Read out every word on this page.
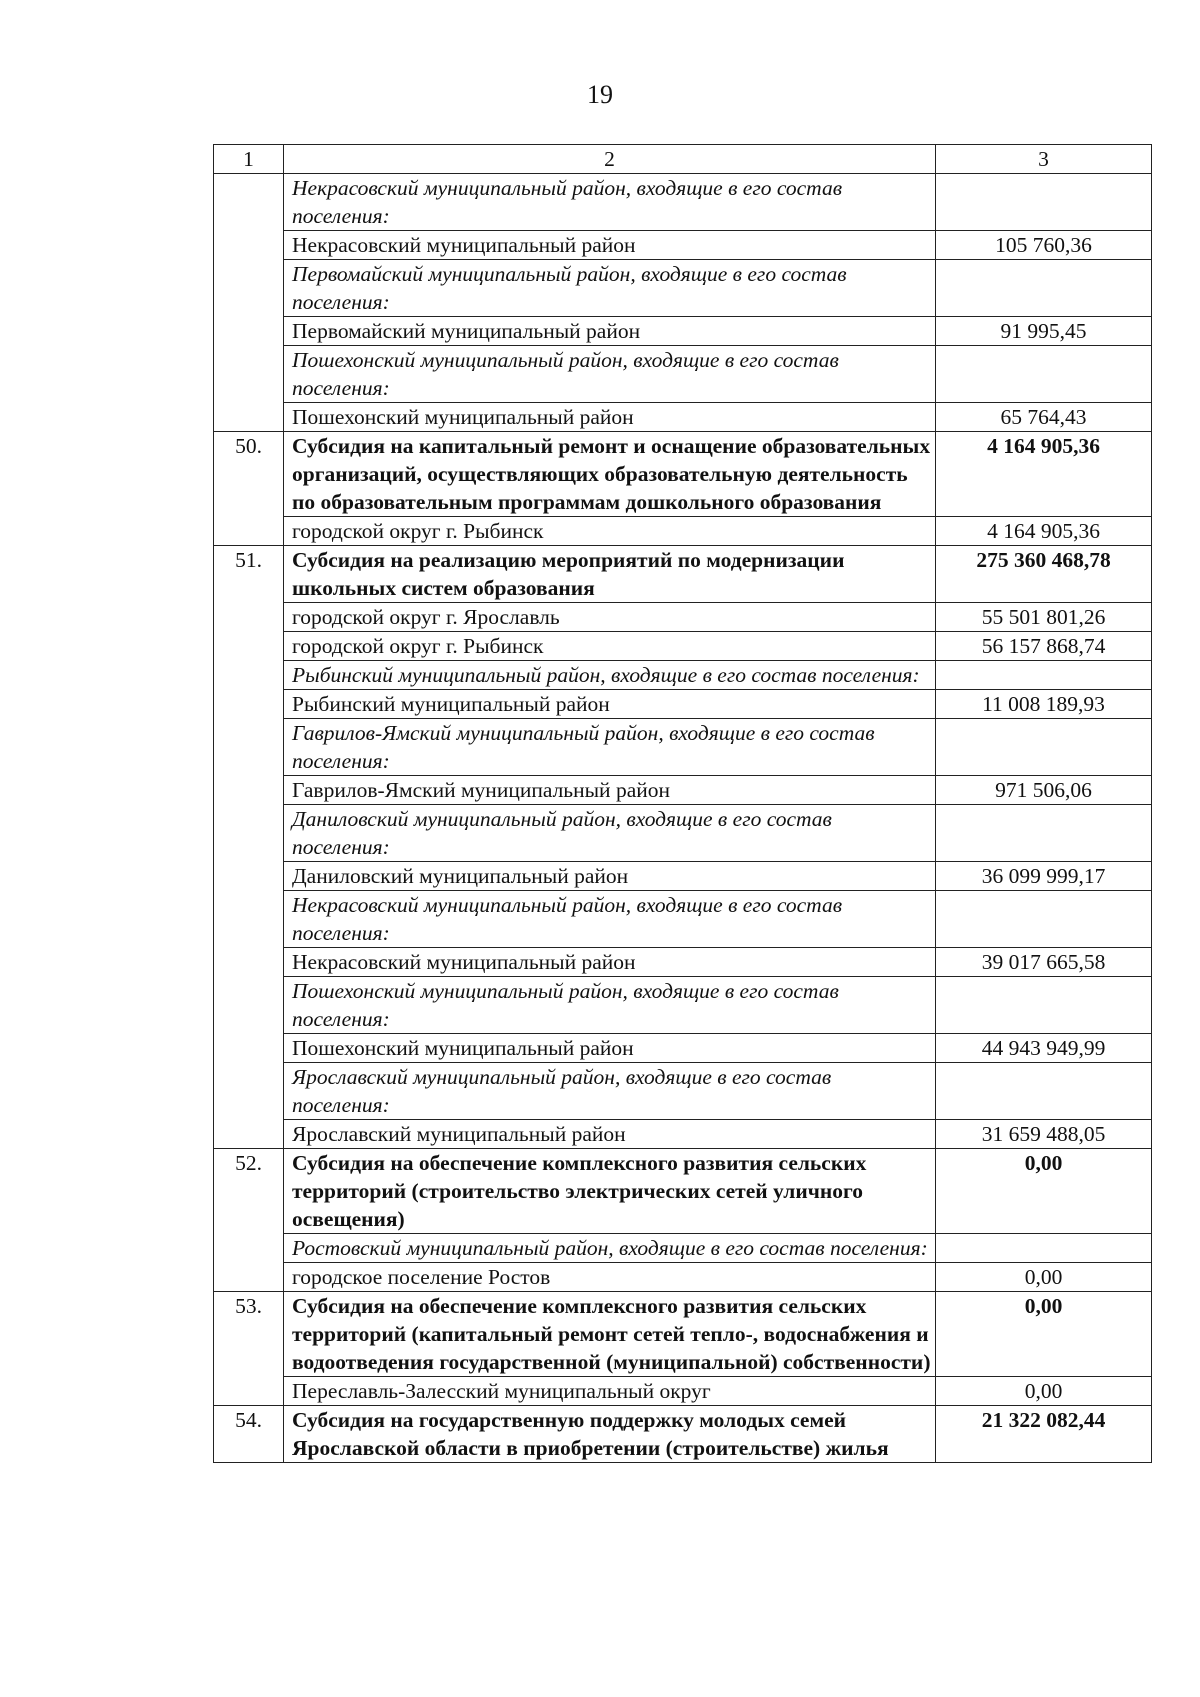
19
1	2	3
	Некрасовский муниципальный район, входящие в его состав поселения:	
	Некрасовский муниципальный район	105 760,36
	Первомайский муниципальный район, входящие в его состав поселения:	
	Первомайский муниципальный район	91 995,45
	Пошехонский муниципальный район, входящие в его состав поселения:	
	Пошехонский муниципальный район	65 764,43
50.	Субсидия на капитальный ремонт и оснащение образовательных организаций, осуществляющих образовательную деятельность по образовательным программам дошкольного образования	4 164 905,36
	городской округ г. Рыбинск	4 164 905,36
51.	Субсидия на реализацию мероприятий по модернизации школьных систем образования	275 360 468,78
	городской округ г. Ярославль	55 501 801,26
	городской округ г. Рыбинск	56 157 868,74
	Рыбинский муниципальный район, входящие в его состав поселения:	
	Рыбинский муниципальный район	11 008 189,93
	Гаврилов-Ямский муниципальный район, входящие в его состав поселения:	
	Гаврилов-Ямский муниципальный район	971 506,06
	Даниловский муниципальный район, входящие в его состав поселения:	
	Даниловский муниципальный район	36 099 999,17
	Некрасовский муниципальный район, входящие в его состав поселения:	
	Некрасовский муниципальный район	39 017 665,58
	Пошехонский муниципальный район, входящие в его состав поселения:	
	Пошехонский муниципальный район	44 943 949,99
	Ярославский муниципальный район, входящие в его состав поселения:	
	Ярославский муниципальный район	31 659 488,05
52.	Субсидия на обеспечение комплексного развития сельских территорий (строительство электрических сетей уличного освещения)	0,00
	Ростовский муниципальный район, входящие в его состав поселения:	
	городское поселение Ростов	0,00
53.	Субсидия на обеспечение комплексного развития сельских территорий (капитальный ремонт сетей тепло-, водоснабжения и водоотведения государственной (муниципальной) собственности)	0,00
	Переславль-Залесский муниципальный округ	0,00
54.	Субсидия на государственную поддержку молодых семей Ярославской области в приобретении (строительстве) жилья	21 322 082,44
